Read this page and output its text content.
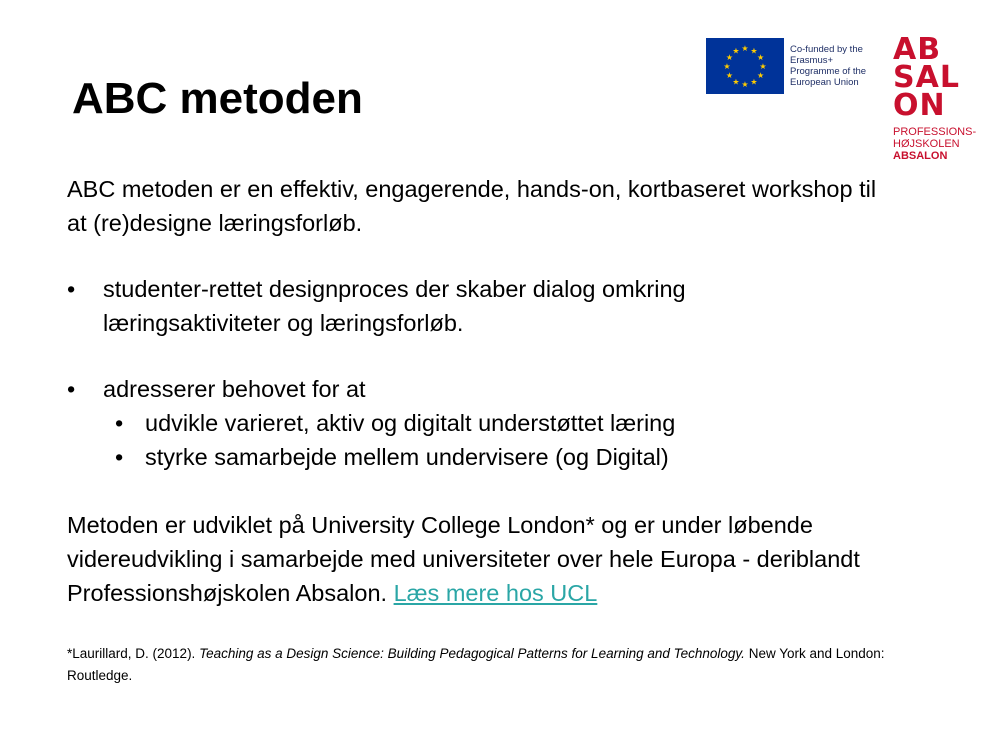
ABC metoden
★ ★
★
★
★
★
★
★
★
★
★
★	Co-funded by the Erasmus+ Programme of the European Union
AB
SAL
ON
PROFESSIONS-
HØJSKOLEN
ABSALON
ABC metoden er en effektiv, engagerende, hands-on, kortbaseret workshop til at (re)designe læringsforløb.
• studenter-rettet designproces der skaber dialog omkring læringsaktiviteter og læringsforløb.
• adresserer behovet for at
• udvikle varieret, aktiv og digitalt understøttet læring
• styrke samarbejde mellem undervisere (og Digital)
Metoden er udviklet på University College London* og er under løbende videreudvikling i samarbejde med universiteter over hele Europa - deriblandt Professionshøjskolen Absalon. Læs mere hos UCL
*Laurillard, D. (2012). Teaching as a Design Science: Building Pedagogical Patterns for Learning and Technology. New York and London: Routledge.
